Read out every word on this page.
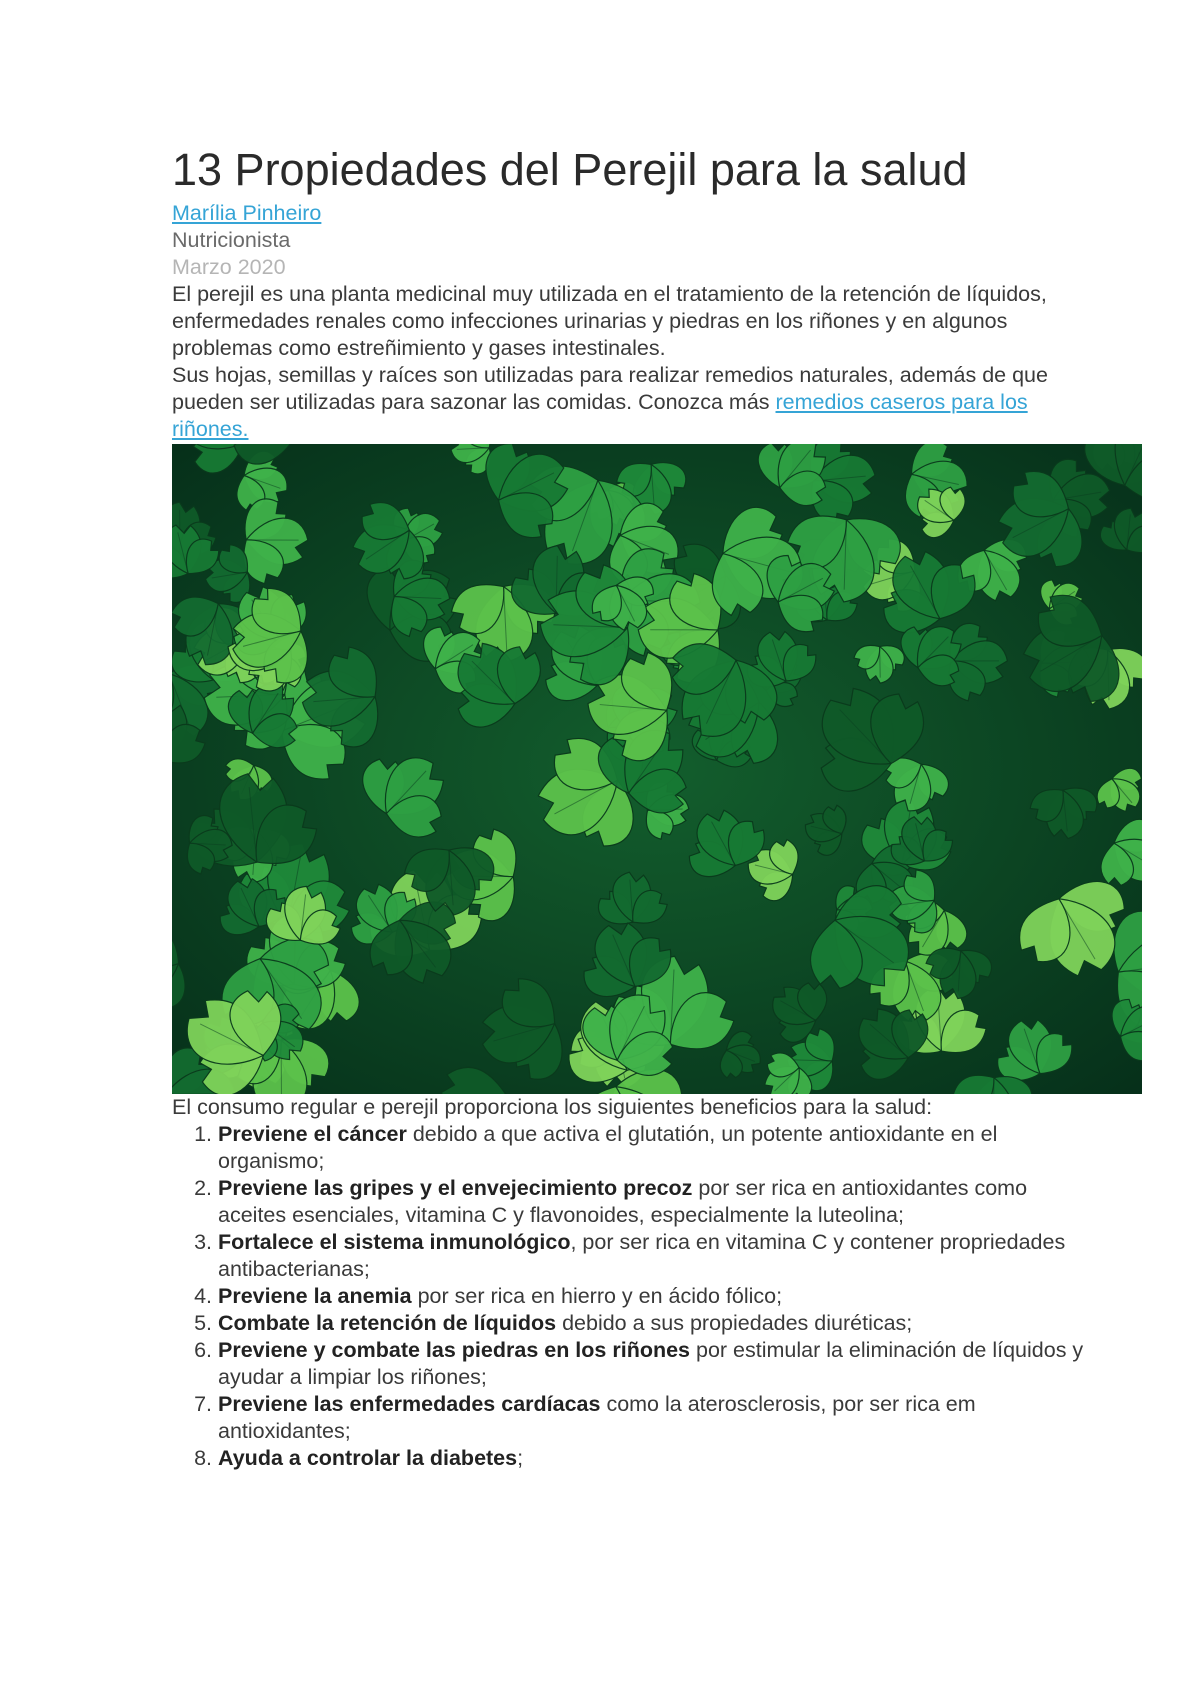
13 Propiedades del Perejil para la salud
Marília Pinheiro
Nutricionista
Marzo 2020

El perejil es una planta medicinal muy utilizada en el tratamiento de la retención de líquidos, enfermedades renales como infecciones urinarias y piedras en los riñones y en algunos problemas como estreñimiento y gases intestinales.

Sus hojas, semillas y raíces son utilizadas para realizar remedios naturales, además de que pueden ser utilizadas para sazonar las comidas. Conozca más remedios caseros para los riñones.

El consumo regular e perejil proporciona los siguientes beneficios para la salud:

1. Previene el cáncer debido a que activa el glutatión, un potente antioxidante en el organismo;
2. Previene las gripes y el envejecimiento precoz por ser rica en antioxidantes como aceites esenciales, vitamina C y flavonoides, especialmente la luteolina;
3. Fortalece el sistema inmunológico, por ser rica en vitamina C y contener propriedades antibacterianas;
4. Previene la anemia por ser rica en hierro y en ácido fólico;
5. Combate la retención de líquidos debido a sus propiedades diuréticas;
6. Previene y combate las piedras en los riñones por estimular la eliminación de líquidos y ayudar a limpiar los riñones;
7. Previene las enfermedades cardíacas como la aterosclerosis, por ser rica em antioxidantes;
8. Ayuda a controlar la diabetes;
